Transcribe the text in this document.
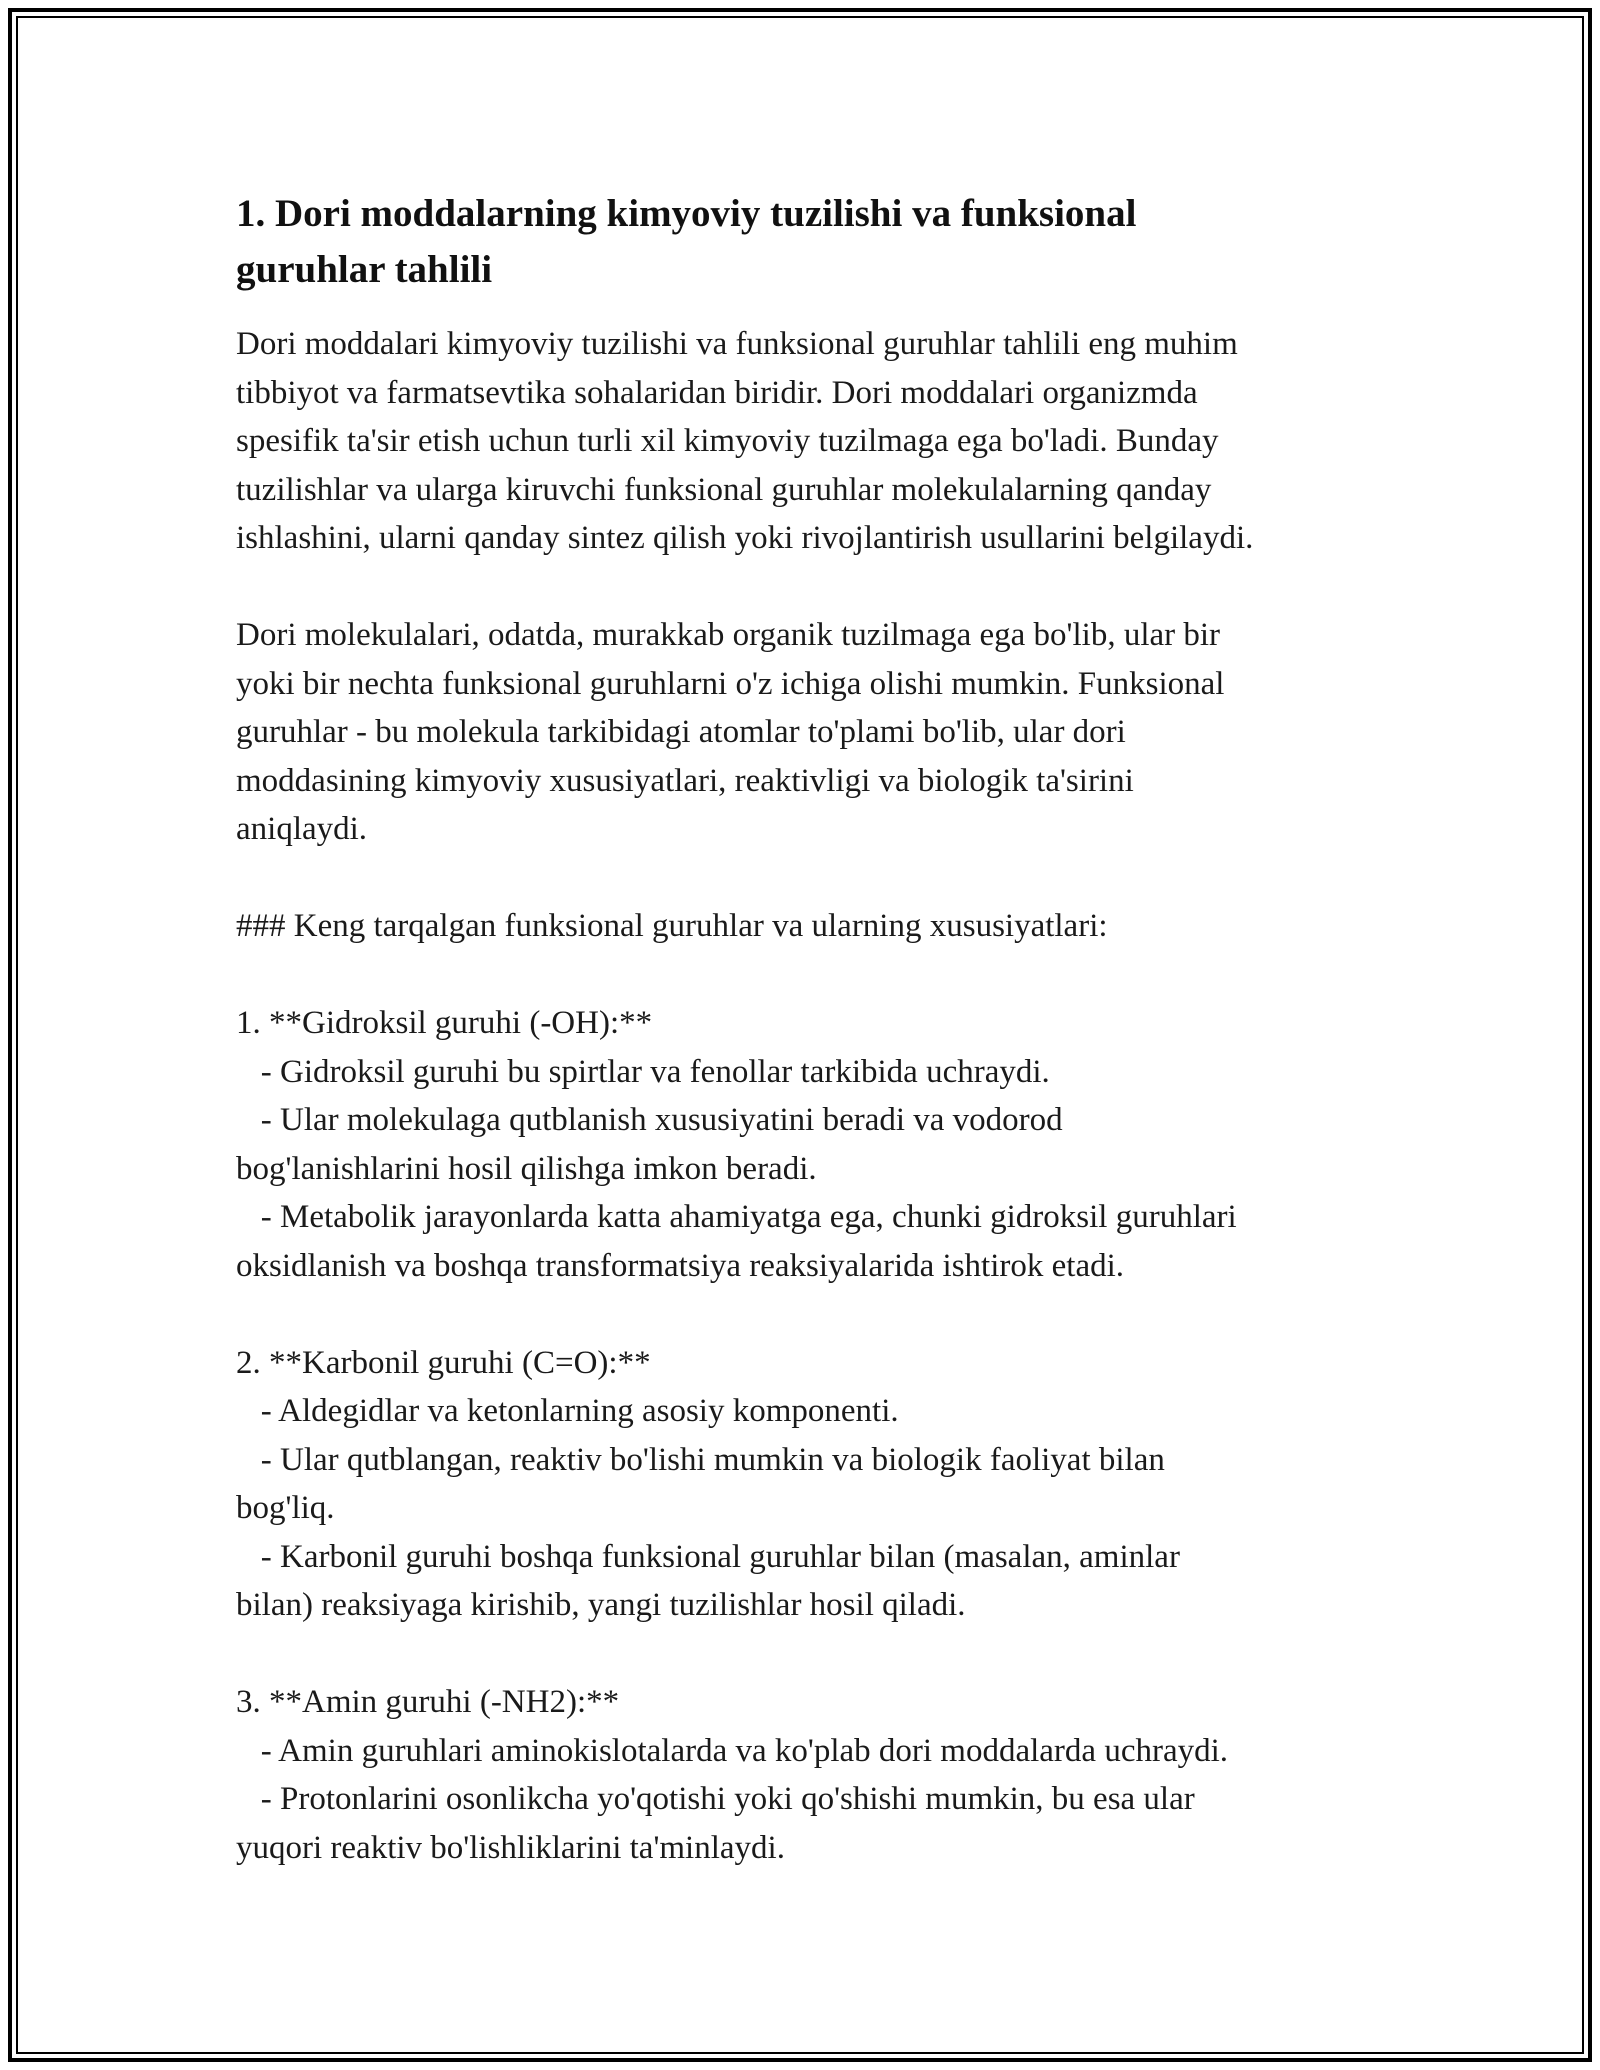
1. Dori moddalarning kimyoviy tuzilishi va funksional
guruhlar tahlili
Dori moddalari kimyoviy tuzilishi va funksional guruhlar tahlili eng muhim
tibbiyot va farmatsevtika sohalaridan biridir. Dori moddalari organizmda
spesifik ta'sir etish uchun turli xil kimyoviy tuzilmaga ega bo'ladi. Bunday
tuzilishlar va ularga kiruvchi funksional guruhlar molekulalarning qanday
ishlashini, ularni qanday sintez qilish yoki rivojlantirish usullarini belgilaydi.
Dori molekulalari, odatda, murakkab organik tuzilmaga ega bo'lib, ular bir
yoki bir nechta funksional guruhlarni o'z ichiga olishi mumkin. Funksional
guruhlar - bu molekula tarkibidagi atomlar to'plami bo'lib, ular dori
moddasining kimyoviy xususiyatlari, reaktivligi va biologik ta'sirini
aniqlaydi.
### Keng tarqalgan funksional guruhlar va ularning xususiyatlari:
1. **Gidroksil guruhi (-OH):**
- Gidroksil guruhi bu spirtlar va fenollar tarkibida uchraydi.
- Ular molekulaga qutblanish xususiyatini beradi va vodorod
bog'lanishlarini hosil qilishga imkon beradi.
- Metabolik jarayonlarda katta ahamiyatga ega, chunki gidroksil guruhlari
oksidlanish va boshqa transformatsiya reaksiyalarida ishtirok etadi.
2. **Karbonil guruhi (C=O):**
- Aldegidlar va ketonlarning asosiy komponenti.
- Ular qutblangan, reaktiv bo'lishi mumkin va biologik faoliyat bilan
bog'liq.
- Karbonil guruhi boshqa funksional guruhlar bilan (masalan, aminlar
bilan) reaksiyaga kirishib, yangi tuzilishlar hosil qiladi.
3. **Amin guruhi (-NH2):**
- Amin guruhlari aminokislotalarda va ko'plab dori moddalarda uchraydi.
- Protonlarini osonlikcha yo'qotishi yoki qo'shishi mumkin, bu esa ular
yuqori reaktiv bo'lishliklarini ta'minlaydi.
